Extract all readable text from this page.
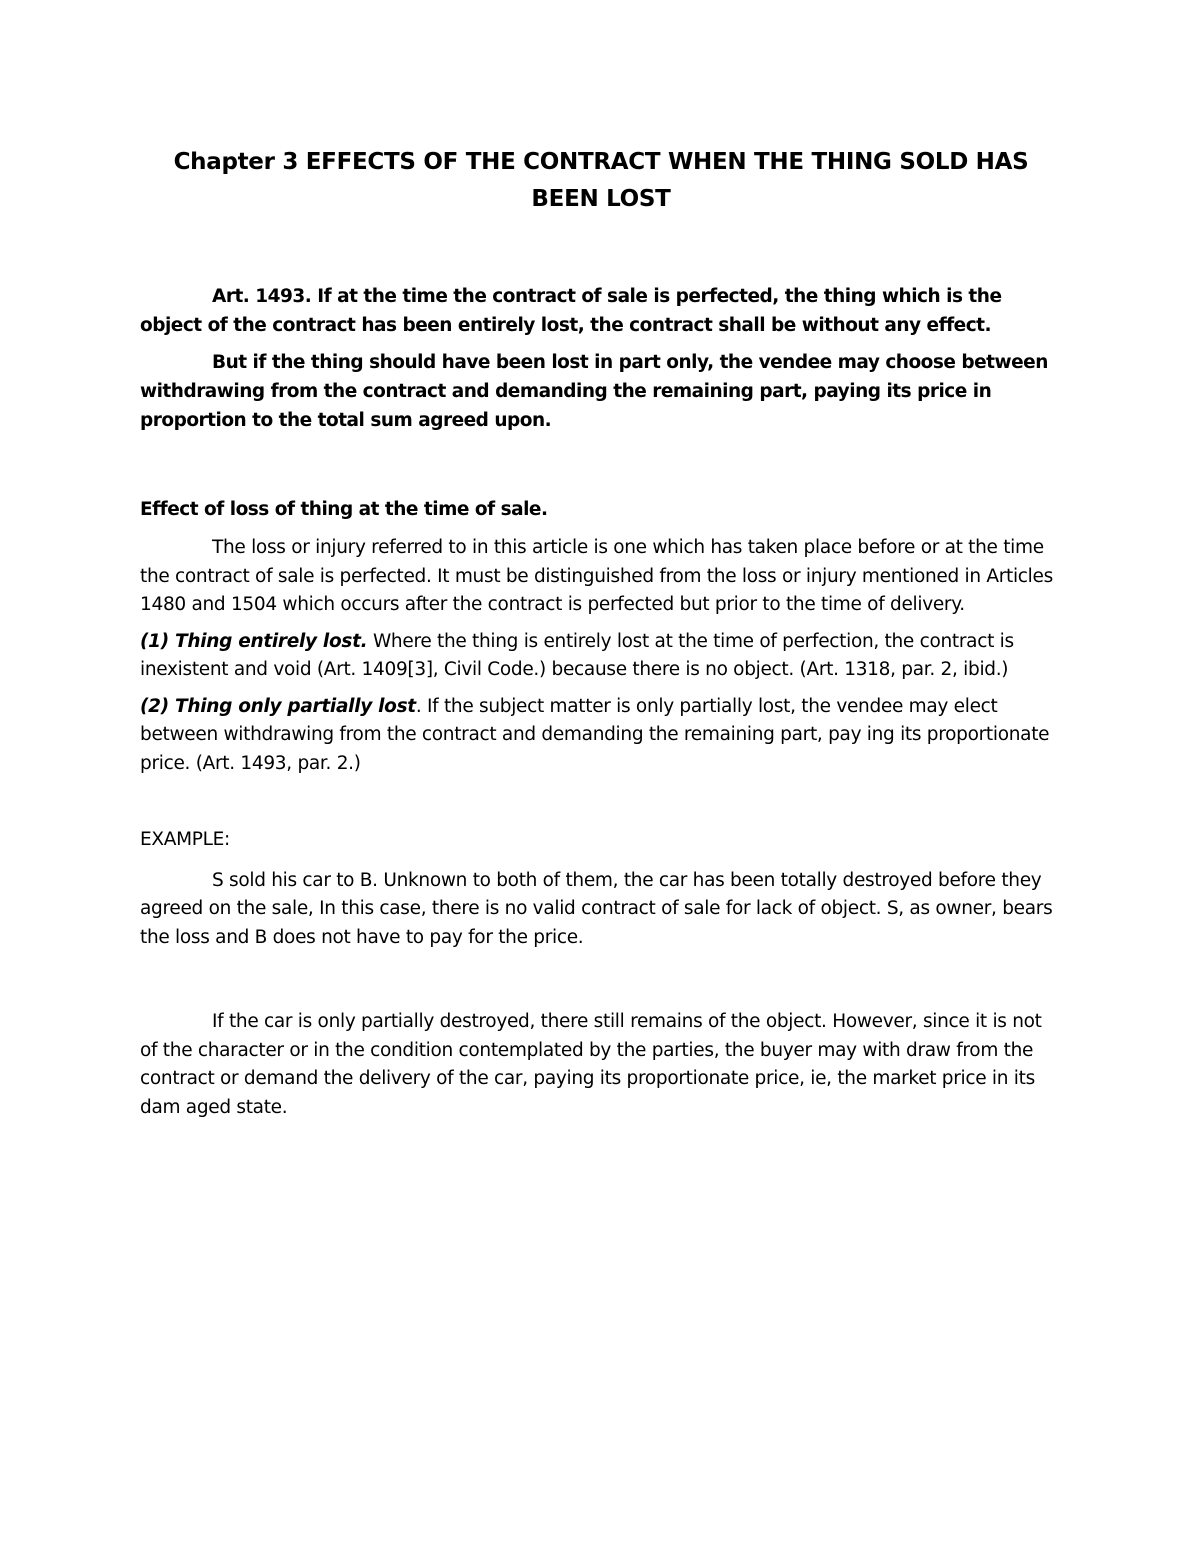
Chapter 3 EFFECTS OF THE CONTRACT WHEN THE THING SOLD HAS
BEEN LOST

Art. 1493. If at the time the contract of sale is perfected, the thing which is the object of the contract has been entirely lost, the contract shall be without any effect.

But if the thing should have been lost in part only, the vendee may choose between withdrawing from the contract and demanding the remaining part, paying its price in proportion to the total sum agreed upon.

Effect of loss of thing at the time of sale.

The loss or injury referred to in this article is one which has taken place before or at the time the contract of sale is perfected. It must be distinguished from the loss or injury mentioned in Articles 1480 and 1504 which occurs after the contract is perfected but prior to the time of delivery.

(1) Thing entirely lost. Where the thing is entirely lost at the time of perfection, the contract is inexistent and void (Art. 1409[3], Civil Code.) because there is no object. (Art. 1318, par. 2, ibid.)

(2) Thing only partially lost. If the subject matter is only partially lost, the vendee may elect between withdrawing from the contract and demanding the remaining part, pay ing its proportionate price. (Art. 1493, par. 2.)

EXAMPLE:

S sold his car to B. Unknown to both of them, the car has been totally destroyed before they agreed on the sale, In this case, there is no valid contract of sale for lack of object. S, as owner, bears the loss and B does not have to pay for the price.

If the car is only partially destroyed, there still remains of the object. However, since it is not of the character or in the condition contemplated by the parties, the buyer may with draw from the contract or demand the delivery of the car, paying its proportionate price, ie, the market price in its dam aged state.
